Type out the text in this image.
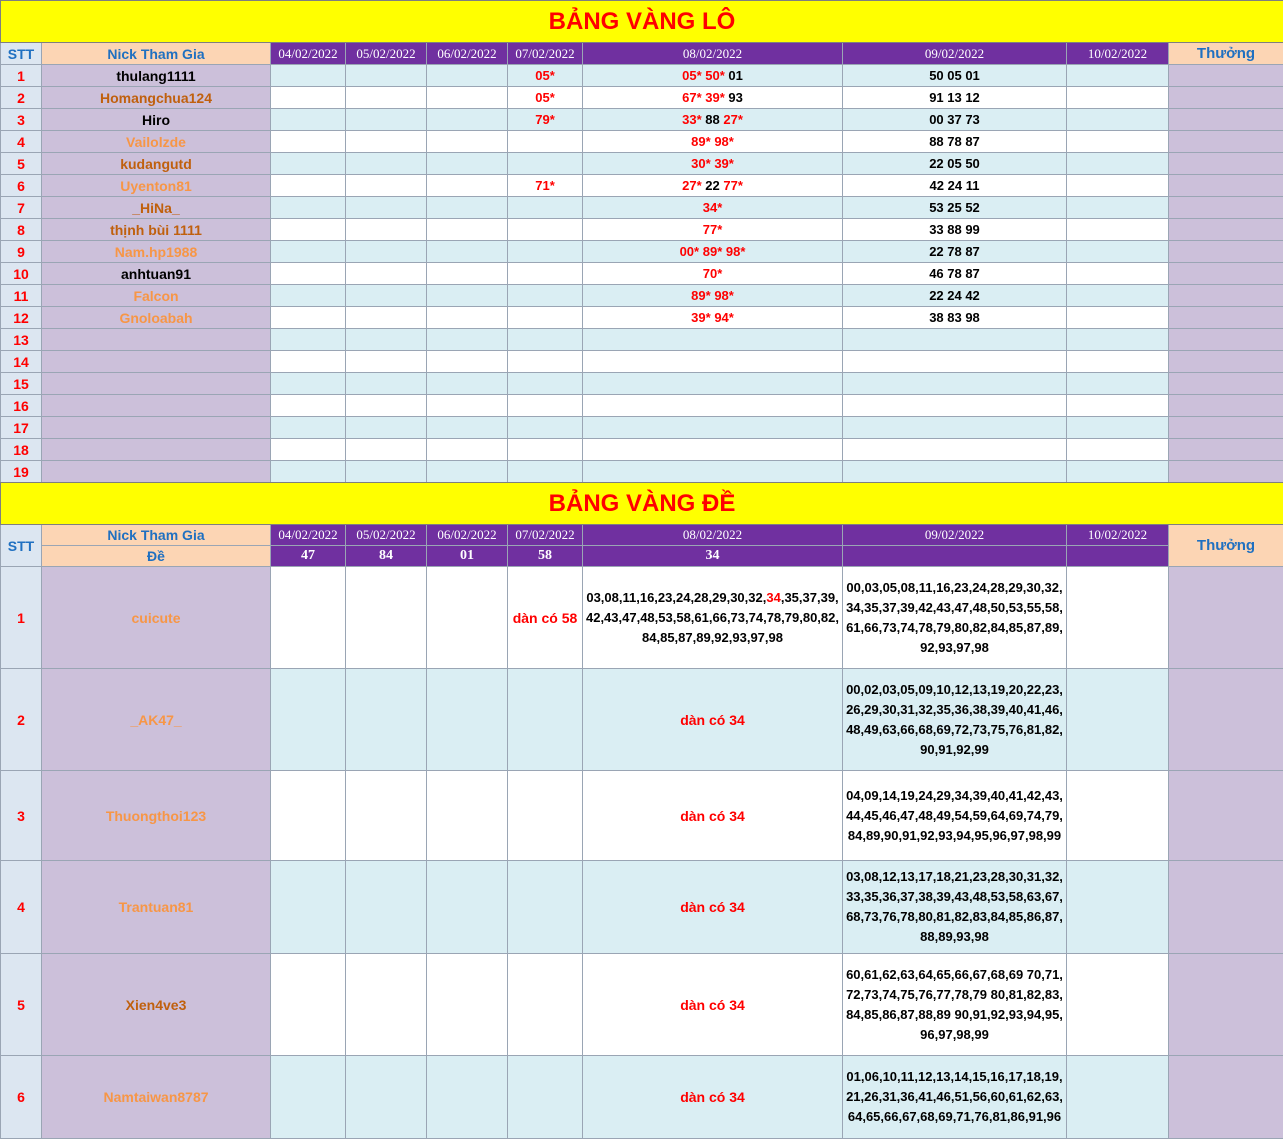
BẢNG VÀNG LÔ									
STT	Nick Tham Gia	04/02/2022	05/02/2022	06/02/2022	07/02/2022	08/02/2022	09/02/2022	10/02/2022	Thưởng
1	thulang1111				05*	05* 50* 01	50 05 01		
2	Homangchua124				05*	67* 39* 93	91 13 12		
3	Hiro				79*	33* 88 27*	00 37 73		
4	Vailolzde					89* 98*	88 78 87		
5	kudangutd					30* 39*	22 05 50		
6	Uyenton81				71*	27* 22 77*	42 24 11		
7	_HiNa_					34*	53 25 52		
8	thịnh bùi 1111					77*	33 88 99		
9	Nam.hp1988					00* 89* 98*	22 78 87		
10	anhtuan91					70*	46 78 87		
11	Falcon					89* 98*	22 24 42		
12	Gnoloabah					39* 94*	38 83 98		
13									
14									
15									
16									
17									
18									
19									
BẢNG VÀNG ĐỀ									
STT	Nick Tham Gia	04/02/2022	05/02/2022	06/02/2022	07/02/2022	08/02/2022	09/02/2022	10/02/2022	Thưởng
	Đề	47	84	01	58	34			
1	cuicute				dàn có 58	03,08,11,16,23,24,28,29,30,32,34,35,37,39,42,43,47,48,53,58,61,66,73,74,78,79,80,82,84,85,87,89,92,93,97,98	00,03,05,08,11,16,23,24,28,29,30,32,34,35,37,39,42,43,47,48,50,53,55,58,61,66,73,74,78,79,80,82,84,85,87,89,92,93,97,98		
2	_AK47_					dàn có 34	00,02,03,05,09,10,12,13,19,20,22,23,26,29,30,31,32,35,36,38,39,40,41,46,48,49,63,66,68,69,72,73,75,76,81,82,90,91,92,99		
3	Thuongthoi123					dàn có 34	04,09,14,19,24,29,34,39,40,41,42,43,44,45,46,47,48,49,54,59,64,69,74,79,84,89,90,91,92,93,94,95,96,97,98,99		
4	Trantuan81					dàn có 34	03,08,12,13,17,18,21,23,28,30,31,32,33,35,36,37,38,39,43,48,53,58,63,67,68,73,76,78,80,81,82,83,84,85,86,87,88,89,93,98		
5	Xien4ve3					dàn có 34	60,61,62,63,64,65,66,67,68,69 70,71,72,73,74,75,76,77,78,79 80,81,82,83,84,85,86,87,88,89 90,91,92,93,94,95,96,97,98,99		
6	Namtaiwan8787					dàn có 34	01,06,10,11,12,13,14,15,16,17,18,19,21,26,31,36,41,46,51,56,60,61,62,63,64,65,66,67,68,69,71,76,81,86,91,96		
